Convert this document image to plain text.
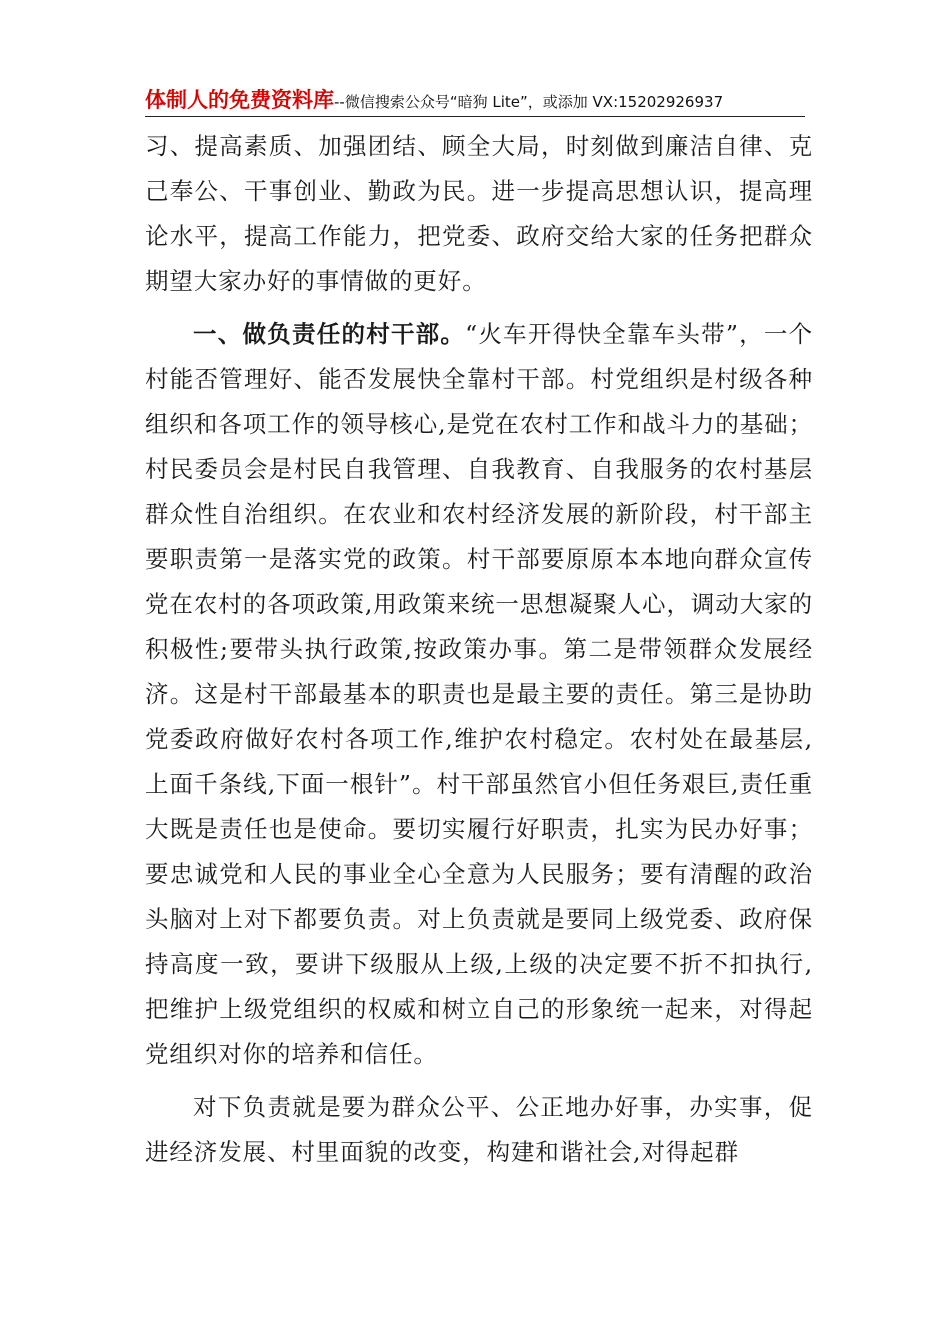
体制人的免费资料库--微信搜索公众号“暗狗 Lite”，或添加 VX:15202926937

习、提高素质、加强团结、顾全大局，时刻做到廉洁自律、克己奉公、干事创业、勤政为民。进一步提高思想认识，提高理论水平，提高工作能力，把党委、政府交给大家的任务把群众期望大家办好的事情做的更好。

一、做负责任的村干部。“火车开得快全靠车头带”，一个村能否管理好、能否发展快全靠村干部。村党组织是村级各种组织和各项工作的领导核心,是党在农村工作和战斗力的基础；村民委员会是村民自我管理、自我教育、自我服务的农村基层群众性自治组织。在农业和农村经济发展的新阶段，村干部主要职责第一是落实党的政策。村干部要原原本本地向群众宣传党在农村的各项政策,用政策来统一思想凝聚人心，调动大家的积极性;要带头执行政策,按政策办事。第二是带领群众发展经济。这是村干部最基本的职责也是最主要的责任。第三是协助党委政府做好农村各项工作,维护农村稳定。农村处在最基层,上面千条线,下面一根针”。村干部虽然官小但任务艰巨,责任重大既是责任也是使命。要切实履行好职责，扎实为民办好事；要忠诚党和人民的事业全心全意为人民服务；要有清醒的政治头脑对上对下都要负责。对上负责就是要同上级党委、政府保持高度一致，要讲下级服从上级,上级的决定要不折不扣执行,把维护上级党组织的权威和树立自己的形象统一起来，对得起党组织对你的培养和信任。

对下负责就是要为群众公平、公正地办好事，办实事，促进经济发展、村里面貌的改变，构建和谐社会,对得起群
